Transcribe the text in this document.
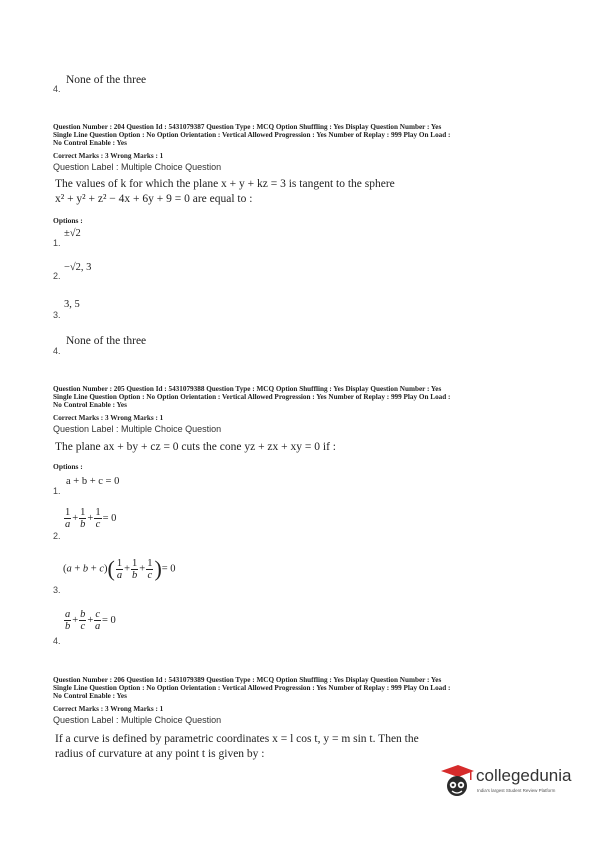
4.
None of the three
Question Number : 204 Question Id : 5431079387 Question Type : MCQ Option Shuffling : Yes Display Question Number : Yes
Single Line Question Option : No Option Orientation : Vertical Allowed Progression : Yes Number of Replay : 999 Play On Load :
No Control Enable : Yes
Correct Marks : 3 Wrong Marks : 1
Question Label : Multiple Choice Question
The values of k for which the plane x + y + kz = 3 is tangent to the sphere
x² + y² + z² − 4x + 6y + 9 = 0 are equal to :
Options :
1.
±√2
2.
−√2, 3
3.
3, 5
4.
None of the three
Question Number : 205 Question Id : 5431079388 Question Type : MCQ Option Shuffling : Yes Display Question Number : Yes
Single Line Question Option : No Option Orientation : Vertical Allowed Progression : Yes Number of Replay : 999 Play On Load :
No Control Enable : Yes
Correct Marks : 3 Wrong Marks : 1
Question Label : Multiple Choice Question
The plane ax + by + cz = 0 cuts the cone yz + zx + xy = 0 if :
Options :
1.
a + b + c = 0
2.
$\frac{1}{a} + \frac{1}{b} + \frac{1}{c} = 0$
3.
$(a + b + c)( \frac{1}{a} + \frac{1}{b} + \frac{1}{c}$ )= 0
4.
$\frac{a}{b} + \frac{b}{c} + \frac{c}{a} = 0$
Question Number : 206 Question Id : 5431079389 Question Type : MCQ Option Shuffling : Yes Display Question Number : Yes
Single Line Question Option : No Option Orientation : Vertical Allowed Progression : Yes Number of Replay : 999 Play On Load :
No Control Enable : Yes
Correct Marks : 3 Wrong Marks : 1
Question Label : Multiple Choice Question
If a curve is defined by parametric coordinates x = l cos t, y = m sin t. Then the
radius of curvature at any point t is given by :
collegedunia
India's largest Student Review Platform
